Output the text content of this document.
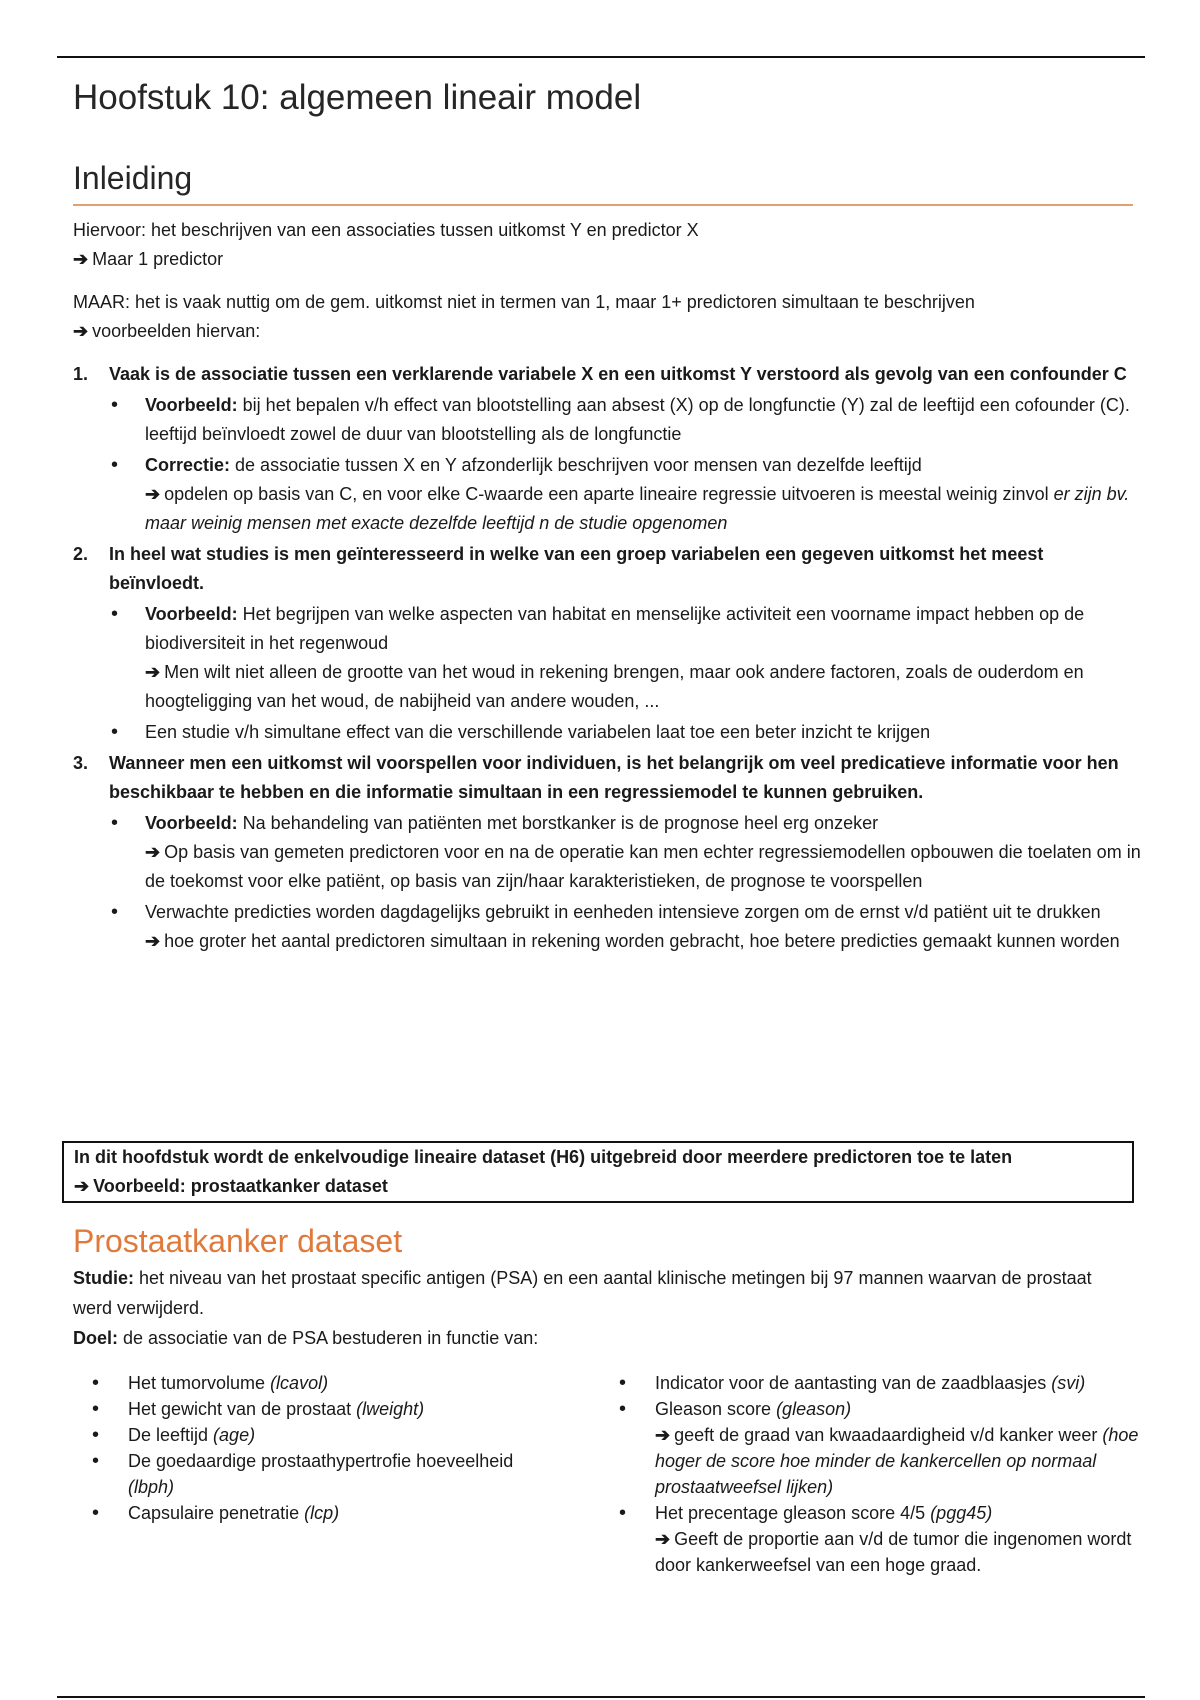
Hoofstuk 10: algemeen lineair model
Inleiding

Hiervoor: het beschrijven van een associaties tussen uitkomst Y en predictor X

➔ Maar 1 predictor

MAAR: het is vaak nuttig om de gem. uitkomst niet in termen van 1, maar 1+ predictoren simultaan te beschrijven

➔ voorbeelden hiervan:

1. Vaak is de associatie tussen een verklarende variabele X en een uitkomst Y verstoord als gevolg van een confounder C
• Voorbeeld: bij het bepalen v/h effect van blootstelling aan absest (X) op de longfunctie (Y) zal de leeftijd een cofounder (C). leeftijd beïnvloedt zowel de duur van blootstelling als de longfunctie
• Correctie: de associatie tussen X en Y afzonderlijk beschrijven voor mensen van dezelfde leeftijd
➔ opdelen op basis van C, en voor elke C-waarde een aparte lineaire regressie uitvoeren is meestal weinig zinvol er zijn bv. maar weinig mensen met exacte dezelfde leeftijd n de studie opgenomen
2. In heel wat studies is men geïnteresseerd in welke van een groep variabelen een gegeven uitkomst het meest beïnvloedt.
• Voorbeeld: Het begrijpen van welke aspecten van habitat en menselijke activiteit een voorname impact hebben op de biodiversiteit in het regenwoud
➔ Men wilt niet alleen de grootte van het woud in rekening brengen, maar ook andere factoren, zoals de ouderdom en hoogteligging van het woud, de nabijheid van andere wouden, ...
• Een studie v/h simultane effect van die verschillende variabelen laat toe een beter inzicht te krijgen
3. Wanneer men een uitkomst wil voorspellen voor individuen, is het belangrijk om veel predicatieve informatie voor hen beschikbaar te hebben en die informatie simultaan in een regressiemodel te kunnen gebruiken.
• Voorbeeld: Na behandeling van patiënten met borstkanker is de prognose heel erg onzeker
➔ Op basis van gemeten predictoren voor en na de operatie kan men echter regressiemodellen opbouwen die toelaten om in de toekomst voor elke patiënt, op basis van zijn/haar karakteristieken, de prognose te voorspellen
• Verwachte predicties worden dagdagelijks gebruikt in eenheden intensieve zorgen om de ernst v/d patiënt uit te drukken
➔ hoe groter het aantal predictoren simultaan in rekening worden gebracht, hoe betere predicties gemaakt kunnen worden
In dit hoofdstuk wordt de enkelvoudige lineaire dataset (H6) uitgebreid door meerdere predictoren toe te laten
➔ Voorbeeld: prostaatkanker dataset
Prostaatkanker dataset

Studie: het niveau van het prostaat specific antigen (PSA) en een aantal klinische metingen bij 97 mannen waarvan de prostaat werd verwijderd.

Doel: de associatie van de PSA bestuderen in functie van:

• Het tumorvolume (lcavol)
• Het gewicht van de prostaat (lweight)
• De leeftijd (age)
• De goedaardige prostaathypertrofie hoeveelheid (lbph)
• Capsulaire penetratie (lcp)
• Indicator voor de aantasting van de zaadblaasjes (svi)
• Gleason score (gleason)
➔ geeft de graad van kwaadaardigheid v/d kanker weer (hoe hoger de score hoe minder de kankercellen op normaal prostaatweefsel lijken)
• Het precentage gleason score 4/5 (pgg45)
➔ Geeft de proportie aan v/d de tumor die ingenomen wordt door kankerweefsel van een hoge graad.
